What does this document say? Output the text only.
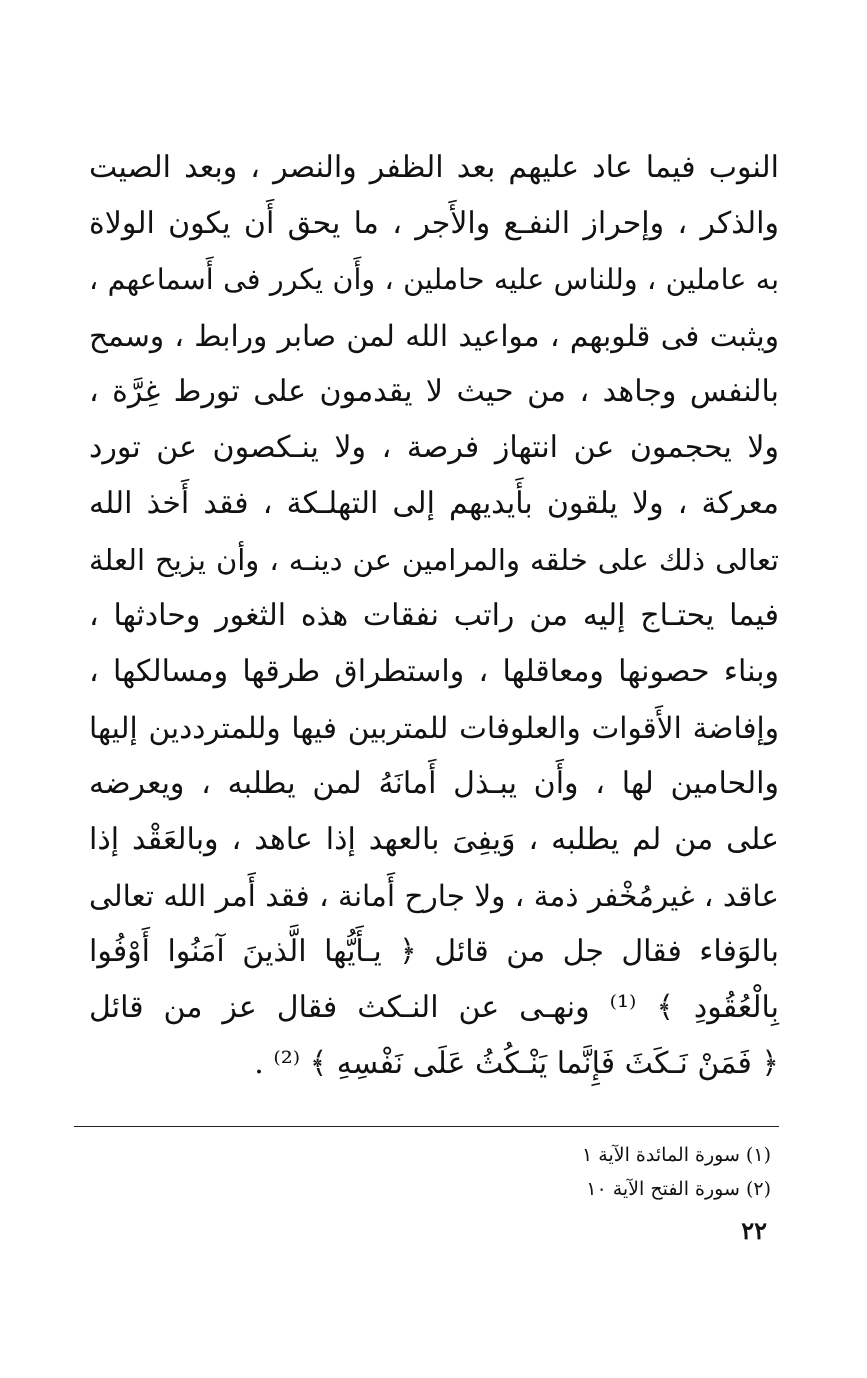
النوب فيما عاد عليهم بعد الظفر والنصر ، وبعد الصيت
والذكر ، وإحراز النفـع والأَجر ، ما يحق أَن يكون الولاة
به عاملين ، وللناس عليه حاملين ، وأَن يكرر فى أَسماعهم ،
ويثبت فى قلوبهم ، مواعيد الله لمن صابر ورابط ، وسمح
بالنفس وجاهد ، من حيث لا يقدمون على تورط غِرَّة ،
ولا يحجمون عن انتهاز فرصة ، ولا ينـكصون عن تورد
معركة ، ولا يلقون بأَيديهم إلى التهلـكة ، فقد أَخذ الله
تعالى ذلك على خلقه والمرامين عن دينـه ، وأن يزيح العلة
فيما يحتـاج إليه من راتب نفقات هذه الثغور وحادثها ،
وبناء حصونها ومعاقلها ، واستطراق طرقها ومسالكها ،
وإفاضة الأَقوات والعلوفات للمتربين فيها وللمترددين إليها
والحامين لها ، وأَن يبـذل أَمانَهُ لمن يطلبه ، ويعرضه
على من لم يطلبه ، وَيفِىَ بالعهد إذا عاهد ، وبالعَقْد إذا
عاقد ، غيرمُخْفر ذمة ، ولا جارح أَمانة ، فقد أَمر الله تعالى
بالوَفاء فقال جل من قائل ﴿ يـأَيُّها الَّذينَ آمَنُوا أَوْفُوا
بِالْعُقُودِ ﴾ ⁽¹⁾ ونهـى عن النـكث فقال عز من قائل
﴿ فَمَنْ نَـكَثَ فَإِنَّما يَنْـكُثُ عَلَى نَفْسِهِ ﴾ ⁽²⁾ .
(١) سورة المائدة الآية ١
(٢) سورة الفتح الآية ١٠
٢٢
